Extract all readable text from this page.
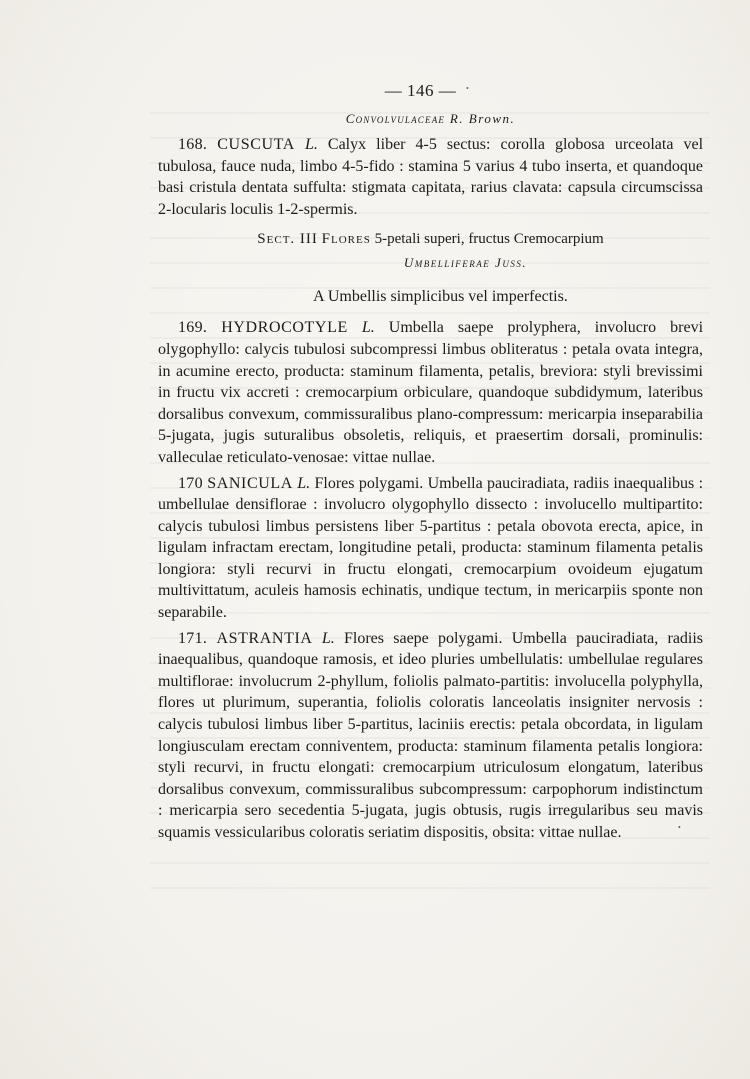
•
— 146 —
Convolvulaceae R. Brown.

168. CUSCUTA L. Calyx liber 4-5 sectus: corolla globosa urceolata vel tubulosa, fauce nuda, limbo 4-5-fido : stamina 5 varius 4 tubo inserta, et quandoque basi cristula dentata suffulta: stigmata capitata, rarius clavata: capsula circumscissa 2-locularis loculis 1-2-spermis.

Sect. III Flores 5-petali superi, fructus Cremocarpium
Umbelliferae Juss.
A Umbellis simplicibus vel imperfectis.

169. HYDROCOTYLE L. Umbella saepe prolyphera, involucro brevi olygophyllo: calycis tubulosi subcompressi limbus obliteratus : petala ovata integra, in acumine erecto, producta: staminum filamenta, petalis, breviora: styli brevissimi in fructu vix accreti : cremocarpium orbiculare, quandoque subdidymum, lateribus dorsalibus convexum, commissuralibus plano-compressum: mericarpia inseparabilia 5-jugata, jugis suturalibus obsoletis, reliquis, et praesertim dorsali, prominulis: valleculae reticulato-venosae: vittae nullae.

170 SANICULA L. Flores polygami. Umbella pauciradiata, radiis inaequalibus : umbellulae densiflorae : involucro olygophyllo dissecto : involucello multipartito: calycis tubulosi limbus persistens liber 5-partitus : petala obovota erecta, apice, in ligulam infractam erectam, longitudine petali, producta: staminum filamenta petalis longiora: styli recurvi in fructu elongati, cremocarpium ovoideum ejugatum multivittatum, aculeis hamosis echinatis, undique tectum, in mericarpiis sponte non separabile.

171. ASTRANTIA L. Flores saepe polygami. Umbella pauciradiata, radiis inaequalibus, quandoque ramosis, et ideo pluries umbellulatis: umbellulae regulares multiflorae: involucrum 2-phyllum, foliolis palmato-partitis: involucella polyphylla, flores ut plurimum, superantia, foliolis coloratis lanceolatis insigniter nervosis : calycis tubulosi limbus liber 5-partitus, laciniis erectis: petala obcordata, in ligulam longiusculam erectam conniventem, producta: staminum filamenta petalis longiora: styli recurvi, in fructu elongati: cremocarpium utriculosum elongatum, lateribus dorsalibus convexum, commissuralibus subcompressum: carpophorum indistinctum : mericarpia sero secedentia 5-jugata, jugis obtusis, rugis irregularibus seu mavis squamis vessicularibus coloratis seriatim dispositis, obsita: vittae nullae.	•
